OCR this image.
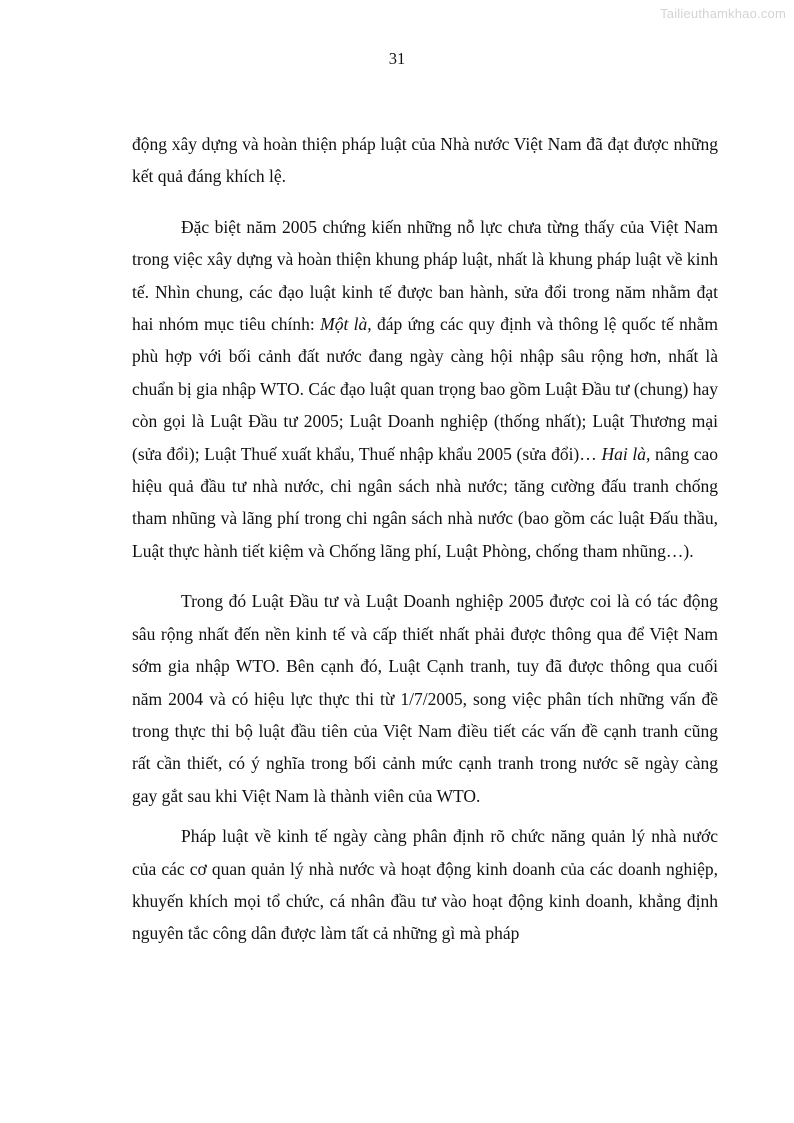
Tailieuthamkhao.com
31

động xây dựng và hoàn thiện pháp luật của Nhà nước Việt Nam đã đạt được những kết quả đáng khích lệ.

Đặc biệt năm 2005 chứng kiến những nỗ lực chưa từng thấy của Việt Nam trong việc xây dựng và hoàn thiện khung pháp luật, nhất là khung pháp luật về kinh tế. Nhìn chung, các đạo luật kinh tế được ban hành, sửa đổi trong năm nhằm đạt hai nhóm mục tiêu chính: Một là, đáp ứng các quy định và thông lệ quốc tế nhằm phù hợp với bối cảnh đất nước đang ngày càng hội nhập sâu rộng hơn, nhất là chuẩn bị gia nhập WTO. Các đạo luật quan trọng bao gồm Luật Đầu tư (chung) hay còn gọi là Luật Đầu tư 2005; Luật Doanh nghiệp (thống nhất); Luật Thương mại (sửa đổi); Luật Thuế xuất khẩu, Thuế nhập khẩu 2005 (sửa đổi)… Hai là, nâng cao hiệu quả đầu tư nhà nước, chi ngân sách nhà nước; tăng cường đấu tranh chống tham nhũng và lãng phí trong chi ngân sách nhà nước (bao gồm các luật Đấu thầu, Luật thực hành tiết kiệm và Chống lãng phí, Luật Phòng, chống tham nhũng…).

Trong đó Luật Đầu tư và Luật Doanh nghiệp 2005 được coi là có tác động sâu rộng nhất đến nền kinh tế và cấp thiết nhất phải được thông qua để Việt Nam sớm gia nhập WTO. Bên cạnh đó, Luật Cạnh tranh, tuy đã được thông qua cuối năm 2004 và có hiệu lực thực thi từ 1/7/2005, song việc phân tích những vấn đề trong thực thi bộ luật đầu tiên của Việt Nam điều tiết các vấn đề cạnh tranh cũng rất cần thiết, có ý nghĩa trong bối cảnh mức cạnh tranh trong nước sẽ ngày càng gay gắt sau khi Việt Nam là thành viên của WTO.

Pháp luật về kinh tế ngày càng phân định rõ chức năng quản lý nhà nước của các cơ quan quản lý nhà nước và hoạt động kinh doanh của các doanh nghiệp, khuyến khích mọi tổ chức, cá nhân đầu tư vào hoạt động kinh doanh, khẳng định nguyên tắc công dân được làm tất cả những gì mà pháp
